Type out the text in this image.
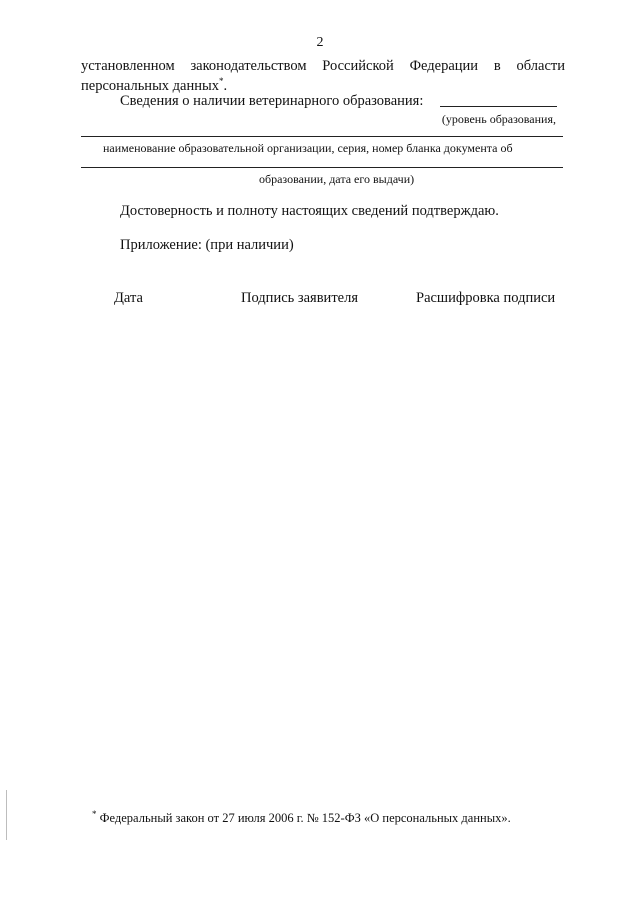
2
установленном законодательством Российской Федерации в области
персональных данных*.
Сведения о наличии ветеринарного образования:
(уровень образования,
наименование образовательной организации, серия, номер бланка документа об
образовании, дата его выдачи)
Достоверность и полноту настоящих сведений подтверждаю.
Приложение: (при наличии)
Дата	Подпись заявителя	Расшифровка подписи
* Федеральный закон от 27 июля 2006 г. № 152-ФЗ «О персональных данных».
